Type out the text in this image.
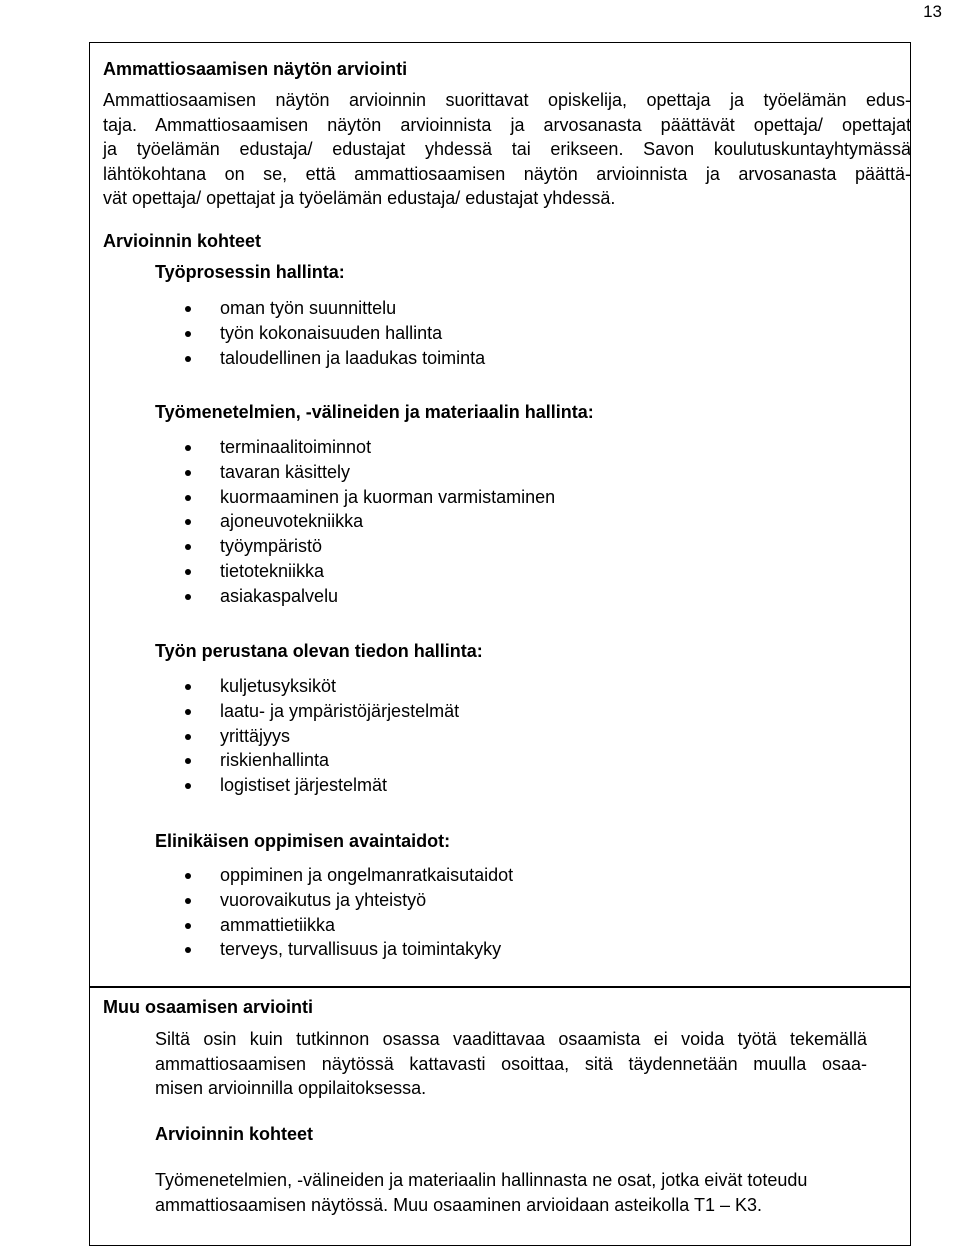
13
Ammattiosaamisen näytön arviointi
Ammattiosaamisen näytön arvioinnin suorittavat opiskelija, opettaja ja työelämän edus-
taja. Ammattiosaamisen näytön arvioinnista ja arvosanasta päättävät opettaja/ opettajat
ja työelämän edustaja/ edustajat yhdessä tai erikseen. Savon koulutuskuntayhtymässä
lähtökohtana on se, että ammattiosaamisen näytön arvioinnista ja arvosanasta päättä-
vät opettaja/ opettajat ja työelämän edustaja/ edustajat yhdessä.
Arvioinnin kohteet
Työprosessin hallinta:
oman työn suunnittelu
työn kokonaisuuden hallinta
taloudellinen ja laadukas toiminta
Työmenetelmien, -välineiden ja materiaalin hallinta:
terminaalitoiminnot
tavaran käsittely
kuormaaminen ja kuorman varmistaminen
ajoneuvotekniikka
työympäristö
tietotekniikka
asiakaspalvelu
Työn perustana olevan tiedon hallinta:
kuljetusyksiköt
laatu- ja ympäristöjärjestelmät
yrittäjyys
riskienhallinta
logistiset järjestelmät
Elinikäisen oppimisen avaintaidot:
oppiminen ja ongelmanratkaisutaidot
vuorovaikutus ja yhteistyö
ammattietiikka
terveys, turvallisuus ja toimintakyky
Muu osaamisen arviointi
Siltä osin kuin tutkinnon osassa vaadittavaa osaamista ei voida työtä tekemällä
ammattiosaamisen näytössä kattavasti osoittaa, sitä täydennetään muulla osaa-
misen arvioinnilla oppilaitoksessa.
Arvioinnin kohteet
Työmenetelmien, -välineiden ja materiaalin hallinnasta ne osat, jotka eivät toteudu
ammattiosaamisen näytössä. Muu osaaminen arvioidaan asteikolla T1 – K3.
